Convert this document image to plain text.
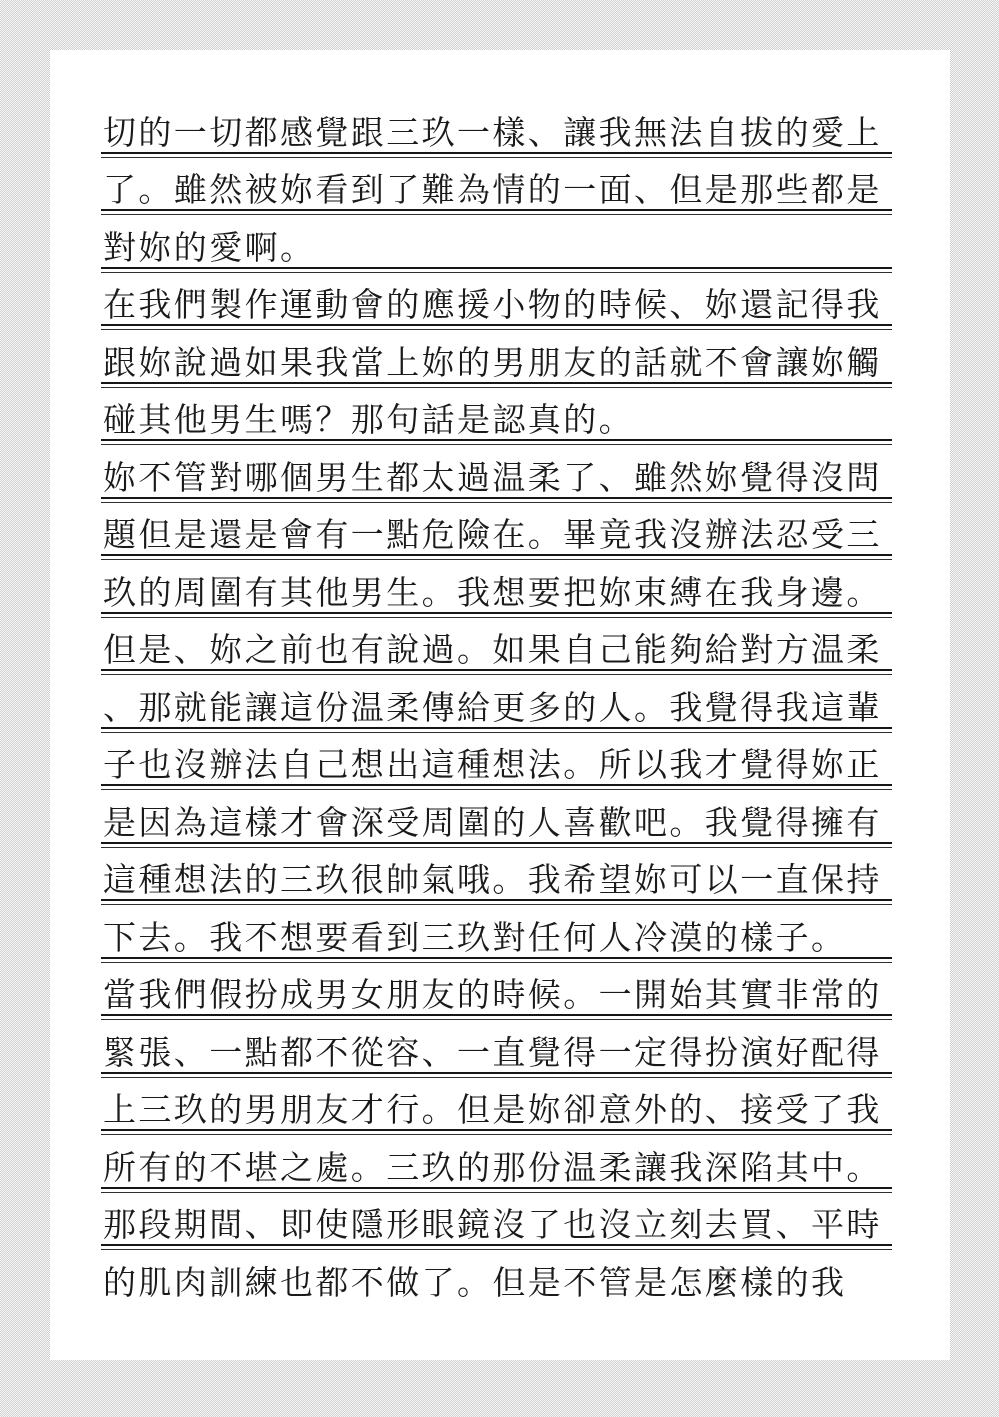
切的一切都感覺跟三玖一樣、讓我無法自拔的愛上
了。雖然被妳看到了難為情的一面、但是那些都是
對妳的愛啊。
在我們製作運動會的應援小物的時候、妳還記得我
跟妳說過如果我當上妳的男朋友的話就不會讓妳觸
碰其他男生嗎？那句話是認真的。
妳不管對哪個男生都太過温柔了、雖然妳覺得沒問
題但是還是會有一點危險在。畢竟我沒辦法忍受三
玖的周圍有其他男生。我想要把妳束縛在我身邊。
但是、妳之前也有說過。如果自己能夠給對方温柔
、那就能讓這份温柔傳給更多的人。我覺得我這輩
子也沒辦法自己想出這種想法。所以我才覺得妳正
是因為這樣才會深受周圍的人喜歡吧。我覺得擁有
這種想法的三玖很帥氣哦。我希望妳可以一直保持
下去。我不想要看到三玖對任何人冷漠的樣子。
當我們假扮成男女朋友的時候。一開始其實非常的
緊張、一點都不從容、一直覺得一定得扮演好配得
上三玖的男朋友才行。但是妳卻意外的、接受了我
所有的不堪之處。三玖的那份温柔讓我深陷其中。
那段期間、即使隱形眼鏡沒了也沒立刻去買、平時
的肌肉訓練也都不做了。但是不管是怎麼樣的我
